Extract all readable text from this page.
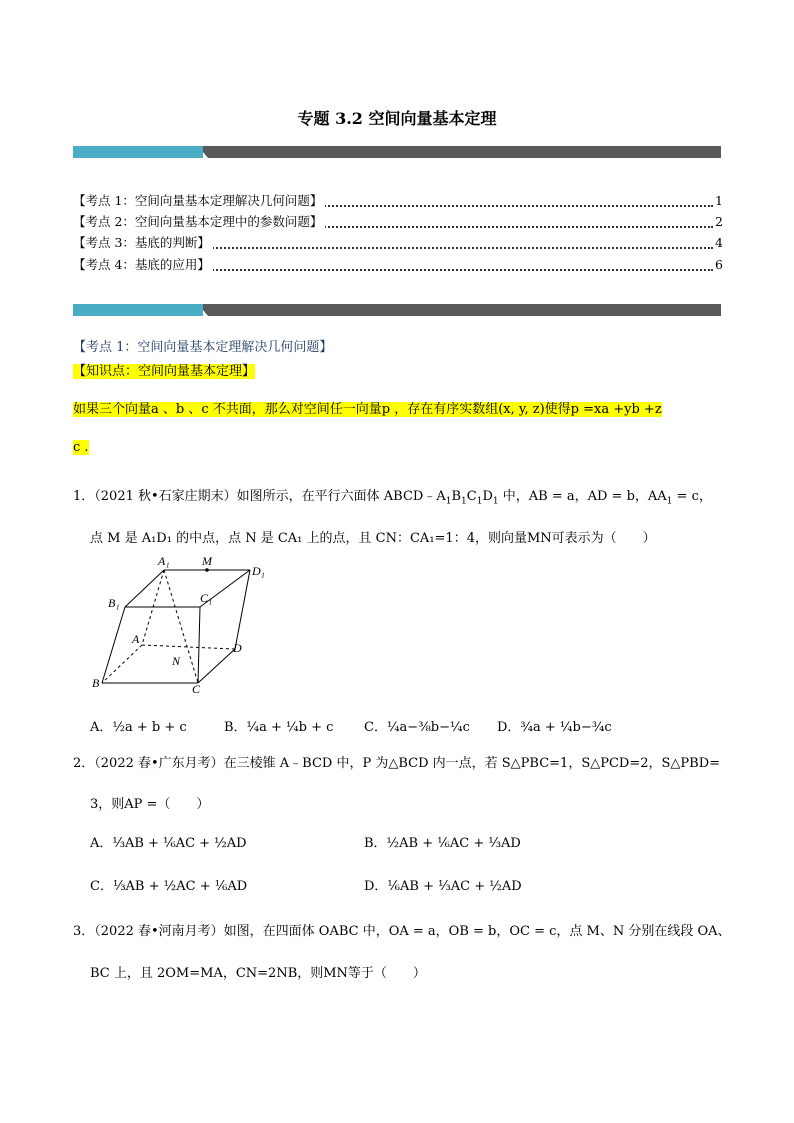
专题 3.2 空间向量基本定理
【考点 1：空间向量基本定理解决几何问题】	1
【考点 2：空间向量基本定理中的参数问题】	2
【考点 3：基底的判断】	4
【考点 4：基底的应用】	6
【考点 1：空间向量基本定理解决几何问题】
【知识点：空间向量基本定理】
如果三个向量a 、b 、c 不共面，那么对空间任一向量p ，存在有序实数组(x, y, z)使得p =xa +yb +z
c .
1．（2021 秋•石家庄期末）如图所示，在平行六面体 $ABCD﹣A_1B_1C_1D_1$ 中，AB = a，AD = b，$AA_1 = c$，
点 M 是 A₁D₁ 的中点，点 N 是 CA₁ 上的点，且 CN：CA₁=1：4，则向量MN可表示为（　　）
A₁	M
D₁
B₁	C₁
A
D
N
B	C
A．½a + b + c	B．¼a + ¼b + c C．¼a−⅜b−¼c D．¾a + ¼b−¾c
2．（2022 春•广东月考）在三棱锥 A﹣BCD 中，P 为△BCD 内一点，若 S△PBC=1，S△PCD=2，S△PBD=
3，则AP =（　　）
A．⅓AB + ⅙AC + ½AD	B．½AB + ⅙AC + ⅓AD
C．⅓AB + ½AC + ⅙AD	D．⅙AB + ⅓AC + ½AD
3．（2022 春•河南月考）如图，在四面体 OABC 中，OA = a，OB = b，OC = c，点 M、N 分别在线段 OA、
BC 上，且 2OM=MA，CN=2NB，则MN等于（　　）
